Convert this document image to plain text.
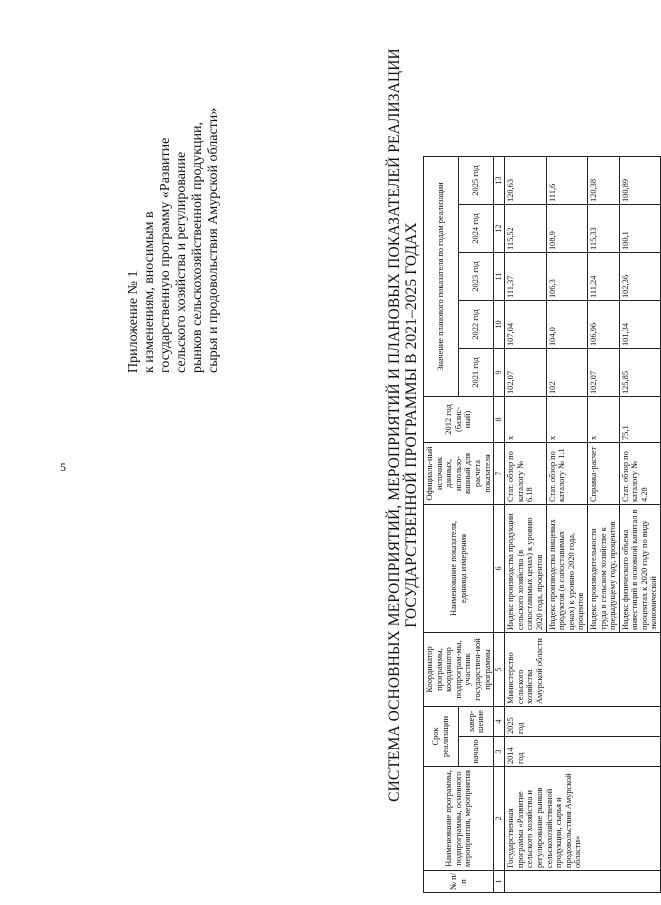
5
Приложение № 1 к изменениям, вносимым в государственную программу «Развитие сельского хозяйства и регулирование рынков сельскохозяйственной продукции, сырья и продовольствия Амурской области»	СИСТЕМА ОСНОВНЫХ МЕРОПРИЯТИЙ, МЕРОПРИЯТИЙ И ПЛАНОВЫХ ПОКАЗАТЕЛЕЙ РЕАЛИЗАЦИИ ГОСУДАРСТВЕННОЙ ПРОГРАММЫ В 2021–2025 ГОДАХ
№ п/п	Наименование программы, подпрограммы, основного мероприятия, мероприятия	Срок реализации		Координатор программы, координатор подпрограм-мы, участник государствен-ной программы	Наименование показателя, единица измерения	Официаль-ный источник данных, использо-ванный для расчета показателя	2012 год (базис-ный)	Значение планового показателя по годам реализации				
		начало	завер-шение					2021 год	2022 год	2023 год	2024 год	2025 год
1	2	3	4	5	6	7	8	9	10	11	12	13
	Государственная программа «Развитие сельского хозяйства и регулирование рынков сельскохозяйственной продукции, сырья и продовольствия Амурской области»	2014 год	2025 год	Министерство сельского хозяйства Амурской области	Индекс производства продукции сельского хозяйства (в сопоставимых ценах) к уровню 2020 года, процентов	Стат. обзор по каталогу № 6.18	х	102,07	107,04	111,37	115,52	120,63
					Индекс производства пищевых продуктов (в сопоставимых ценах) к уровню 2020 года, процентов	Стат. обзор по каталогу № 1.1	х	102	104,0	106,3	108,9	111,6
					Индекс производительности труда в сельском хозяйстве к предыдущему году, процентов	Справка-расчет	х	102,07	106,96	111,24	115,33	120,38
					Индекс физического объема инвестиций в основной капитал в процентах к 2020 году по виду экономической	Стат. обзор по каталогу № 4.28	75,1	125,85	101,34	102,36	100,1	100,89
